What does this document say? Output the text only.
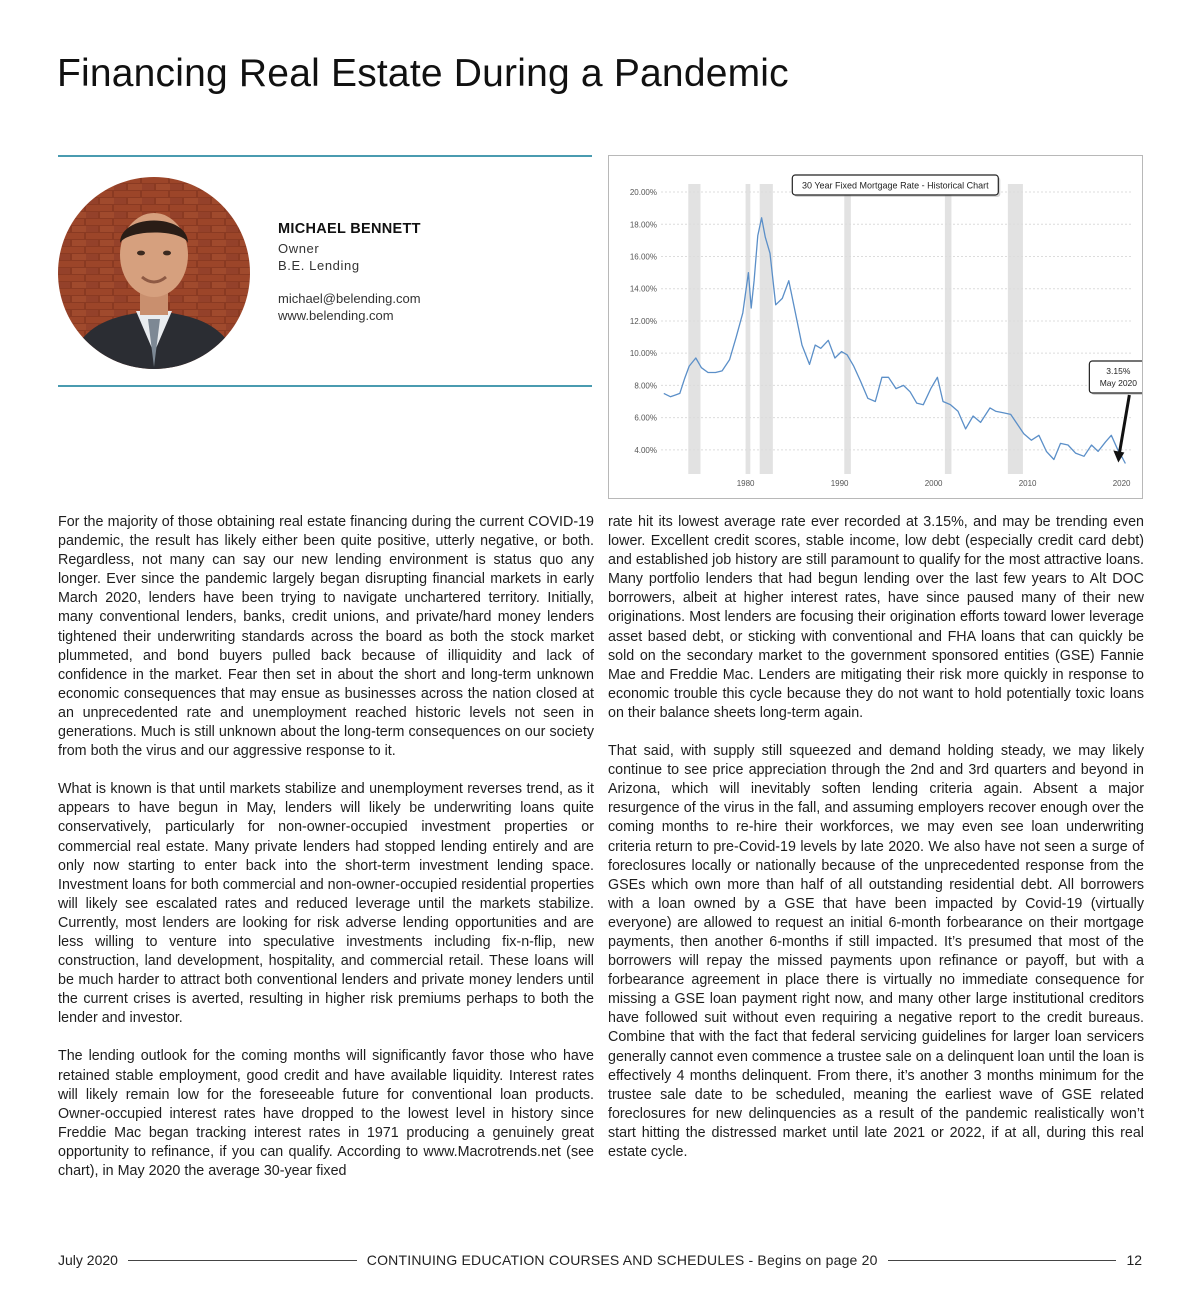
Financing Real Estate During a Pandemic
MICHAEL BENNETT
Owner
B.E. Lending
michael@belending.com
www.belending.com
20.00%
18.00%
16.00%
14.00%
12.00%
10.00%
8.00%
6.00%
4.00%
1980	1990	2000	2010	2020
30 Year Fixed Mortgage Rate - Historical Chart
3.15%
May 2020

For the majority of those obtaining real estate financing during the current COVID-19 pandemic, the result has likely either been quite positive, utterly negative, or both. Regardless, not many can say our new lending environment is status quo any longer. Ever since the pandemic largely began disrupting financial markets in early March 2020, lenders have been trying to navigate unchartered territory. Initially, many conventional lenders, banks, credit unions, and private/hard money lenders tightened their underwriting standards across the board as both the stock market plummeted, and bond buyers pulled back because of illiquidity and lack of confidence in the market. Fear then set in about the short and long-term unknown economic consequences that may ensue as businesses across the nation closed at an unprecedented rate and unemployment reached historic levels not seen in generations. Much is still unknown about the long-term consequences on our society from both the virus and our aggressive response to it.

What is known is that until markets stabilize and unemployment reverses trend, as it appears to have begun in May, lenders will likely be underwriting loans quite conservatively, particularly for non-owner-occupied investment properties or commercial real estate. Many private lenders had stopped lending entirely and are only now starting to enter back into the short-term investment lending space. Investment loans for both commercial and non-owner-occupied residential properties will likely see escalated rates and reduced leverage until the markets stabilize. Currently, most lenders are looking for risk adverse lending opportunities and are less willing to venture into speculative investments including fix-n-flip, new construction, land development, hospitality, and commercial retail. These loans will be much harder to attract both conventional lenders and private money lenders until the current crises is averted, resulting in higher risk premiums perhaps to both the lender and investor.

The lending outlook for the coming months will significantly favor those who have retained stable employment, good credit and have available liquidity. Interest rates will likely remain low for the foreseeable future for conventional loan products. Owner-occupied interest rates have dropped to the lowest level in history since Freddie Mac began tracking interest rates in 1971 producing a genuinely great opportunity to refinance, if you can qualify. According to www.Macrotrends.net (see chart), in May 2020 the average 30-year fixed

rate hit its lowest average rate ever recorded at 3.15%, and may be trending even lower. Excellent credit scores, stable income, low debt (especially credit card debt) and established job history are still paramount to qualify for the most attractive loans. Many portfolio lenders that had begun lending over the last few years to Alt DOC borrowers, albeit at higher interest rates, have since paused many of their new originations. Most lenders are focusing their origination efforts toward lower leverage asset based debt, or sticking with conventional and FHA loans that can quickly be sold on the secondary market to the government sponsored entities (GSE) Fannie Mae and Freddie Mac. Lenders are mitigating their risk more quickly in response to economic trouble this cycle because they do not want to hold potentially toxic loans on their balance sheets long-term again.

That said, with supply still squeezed and demand holding steady, we may likely continue to see price appreciation through the 2nd and 3rd quarters and beyond in Arizona, which will inevitably soften lending criteria again. Absent a major resurgence of the virus in the fall, and assuming employers recover enough over the coming months to re-hire their workforces, we may even see loan underwriting criteria return to pre-Covid-19 levels by late 2020. We also have not seen a surge of foreclosures locally or nationally because of the unprecedented response from the GSEs which own more than half of all outstanding residential debt. All borrowers with a loan owned by a GSE that have been impacted by Covid-19 (virtually everyone) are allowed to request an initial 6-month forbearance on their mortgage payments, then another 6-months if still impacted. It’s presumed that most of the borrowers will repay the missed payments upon refinance or payoff, but with a forbearance agreement in place there is virtually no immediate consequence for missing a GSE loan payment right now, and many other large institutional creditors have followed suit without even requiring a negative report to the credit bureaus. Combine that with the fact that federal servicing guidelines for larger loan servicers generally cannot even commence a trustee sale on a delinquent loan until the loan is effectively 4 months delinquent. From there, it’s another 3 months minimum for the trustee sale date to be scheduled, meaning the earliest wave of GSE related foreclosures for new delinquencies as a result of the pandemic realistically won’t start hitting the distressed market until late 2021 or 2022, if at all, during this real estate cycle.

July 2020	CONTINUING EDUCATION COURSES AND SCHEDULES - Begins on page 20	12
